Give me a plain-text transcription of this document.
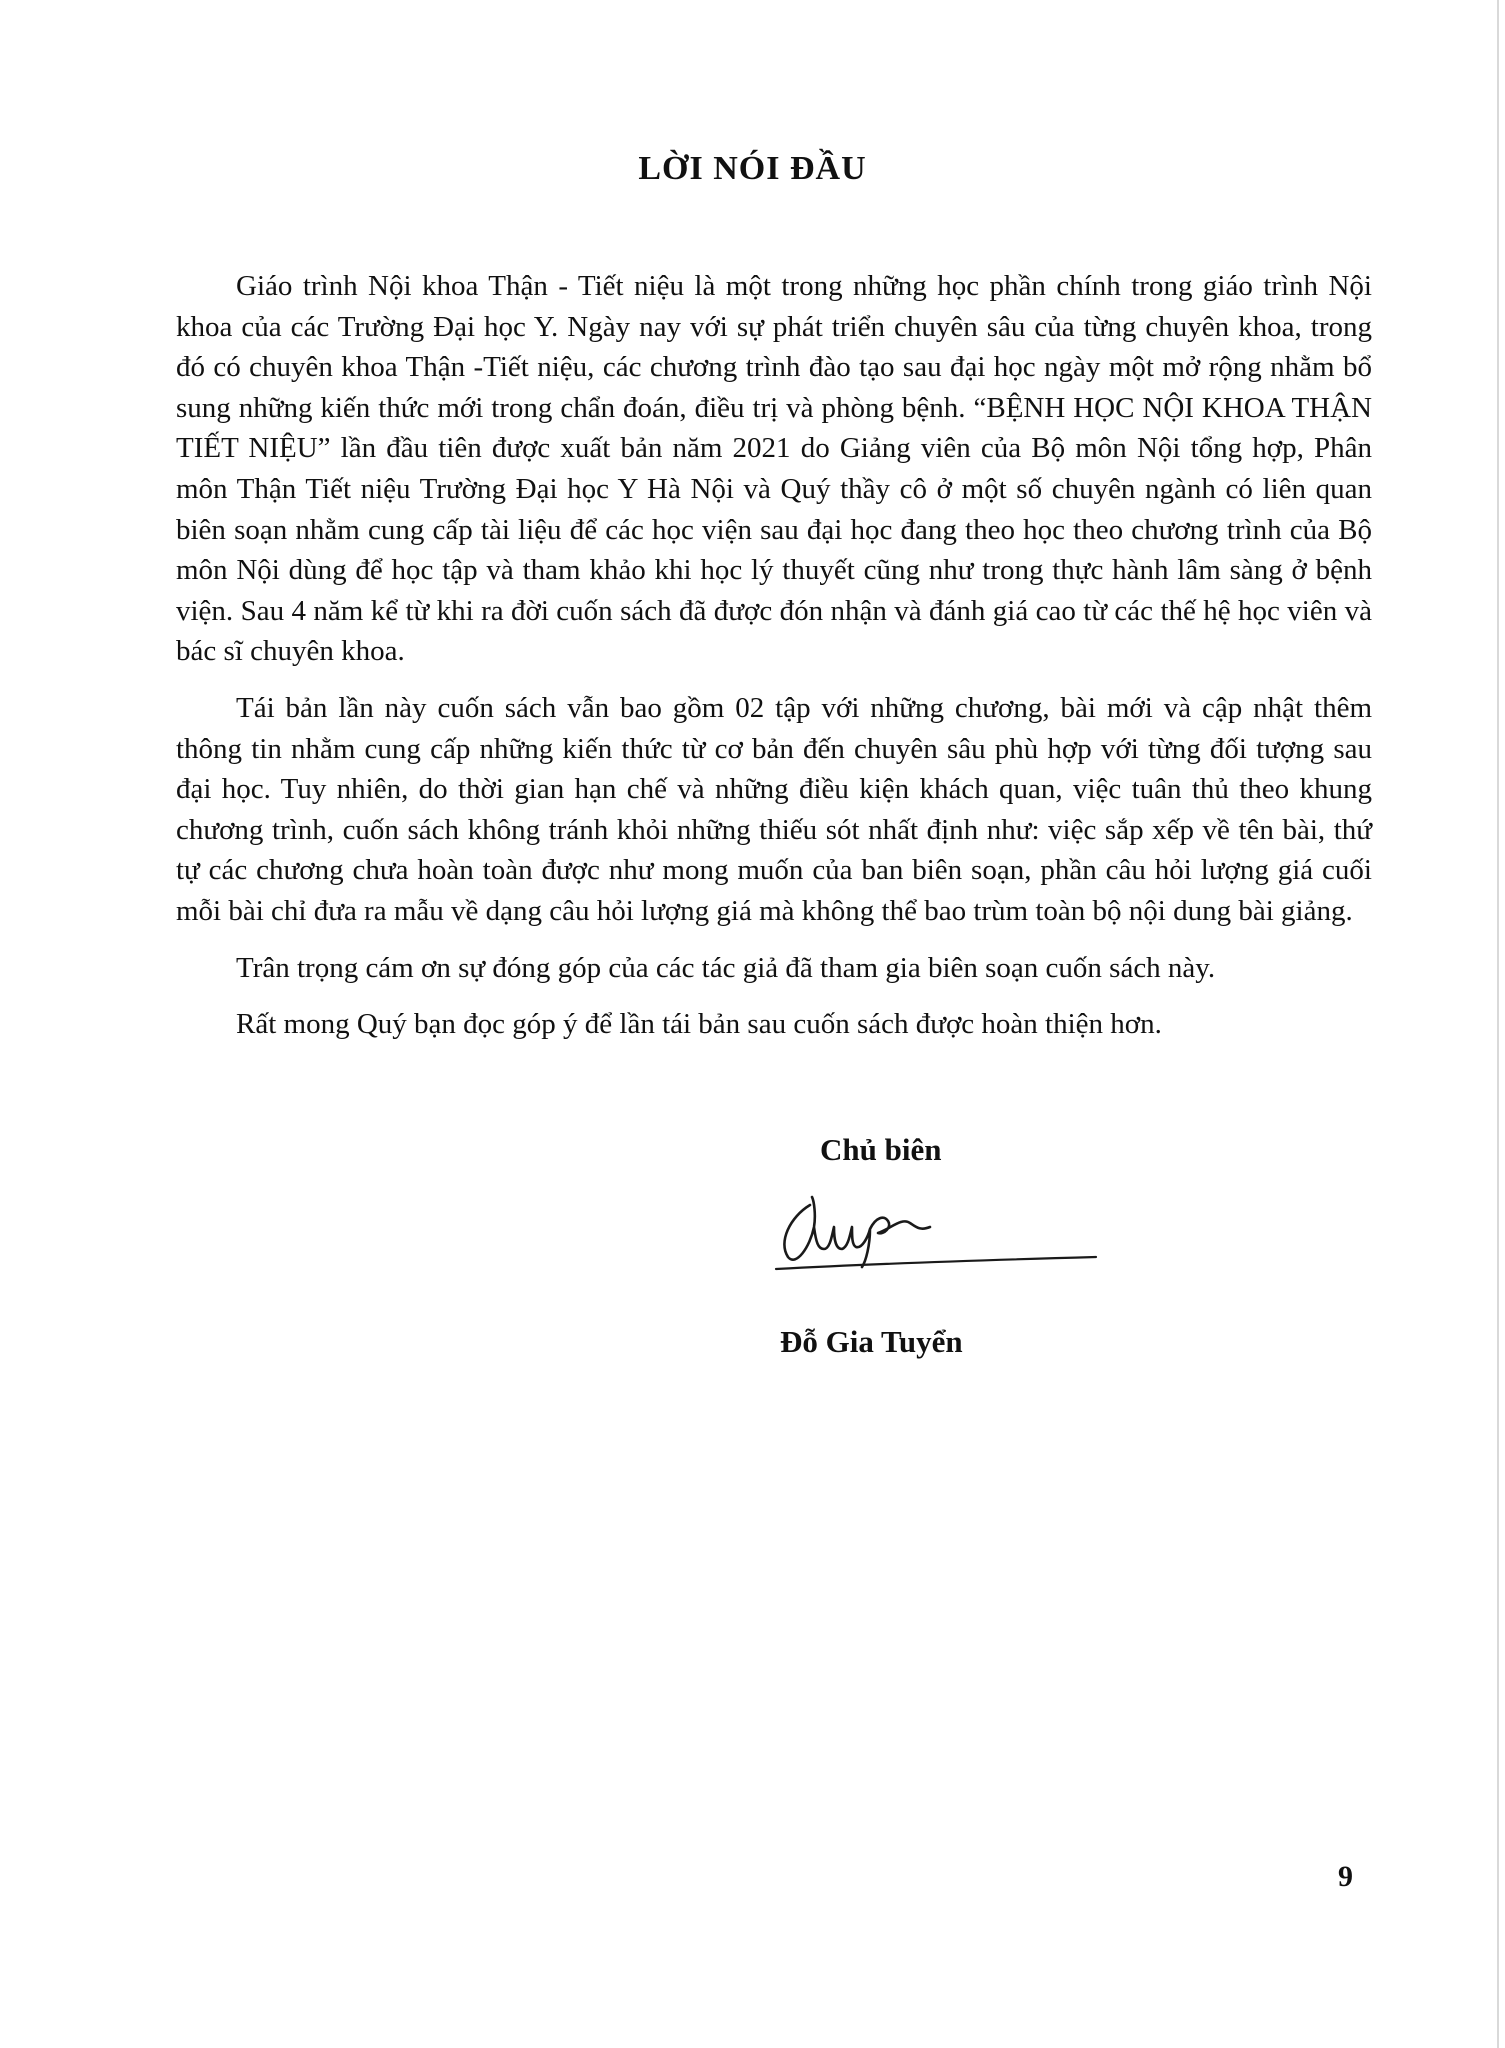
LỜI NÓI ĐẦU

Giáo trình Nội khoa Thận - Tiết niệu là một trong những học phần chính trong giáo trình Nội khoa của các Trường Đại học Y. Ngày nay với sự phát triển chuyên sâu của từng chuyên khoa, trong đó có chuyên khoa Thận -Tiết niệu, các chương trình đào tạo sau đại học ngày một mở rộng nhằm bổ sung những kiến thức mới trong chẩn đoán, điều trị và phòng bệnh. “BỆNH HỌC NỘI KHOA THẬN TIẾT NIỆU” lần đầu tiên được xuất bản năm 2021 do Giảng viên của Bộ môn Nội tổng hợp, Phân môn Thận Tiết niệu Trường Đại học Y Hà Nội và Quý thầy cô ở một số chuyên ngành có liên quan biên soạn nhằm cung cấp tài liệu để các học viện sau đại học đang theo học theo chương trình của Bộ môn Nội dùng để học tập và tham khảo khi học lý thuyết cũng như trong thực hành lâm sàng ở bệnh viện. Sau 4 năm kể từ khi ra đời cuốn sách đã được đón nhận và đánh giá cao từ các thế hệ học viên và bác sĩ chuyên khoa.

Tái bản lần này cuốn sách vẫn bao gồm 02 tập với những chương, bài mới và cập nhật thêm thông tin nhằm cung cấp những kiến thức từ cơ bản đến chuyên sâu phù hợp với từng đối tượng sau đại học. Tuy nhiên, do thời gian hạn chế và những điều kiện khách quan, việc tuân thủ theo khung chương trình, cuốn sách không tránh khỏi những thiếu sót nhất định như: việc sắp xếp về tên bài, thứ tự các chương chưa hoàn toàn được như mong muốn của ban biên soạn, phần câu hỏi lượng giá cuối mỗi bài chỉ đưa ra mẫu về dạng câu hỏi lượng giá mà không thể bao trùm toàn bộ nội dung bài giảng.

Trân trọng cám ơn sự đóng góp của các tác giả đã tham gia biên soạn cuốn sách này.

Rất mong Quý bạn đọc góp ý để lần tái bản sau cuốn sách được hoàn thiện hơn.

Chủ biên
Đỗ Gia Tuyển
9
